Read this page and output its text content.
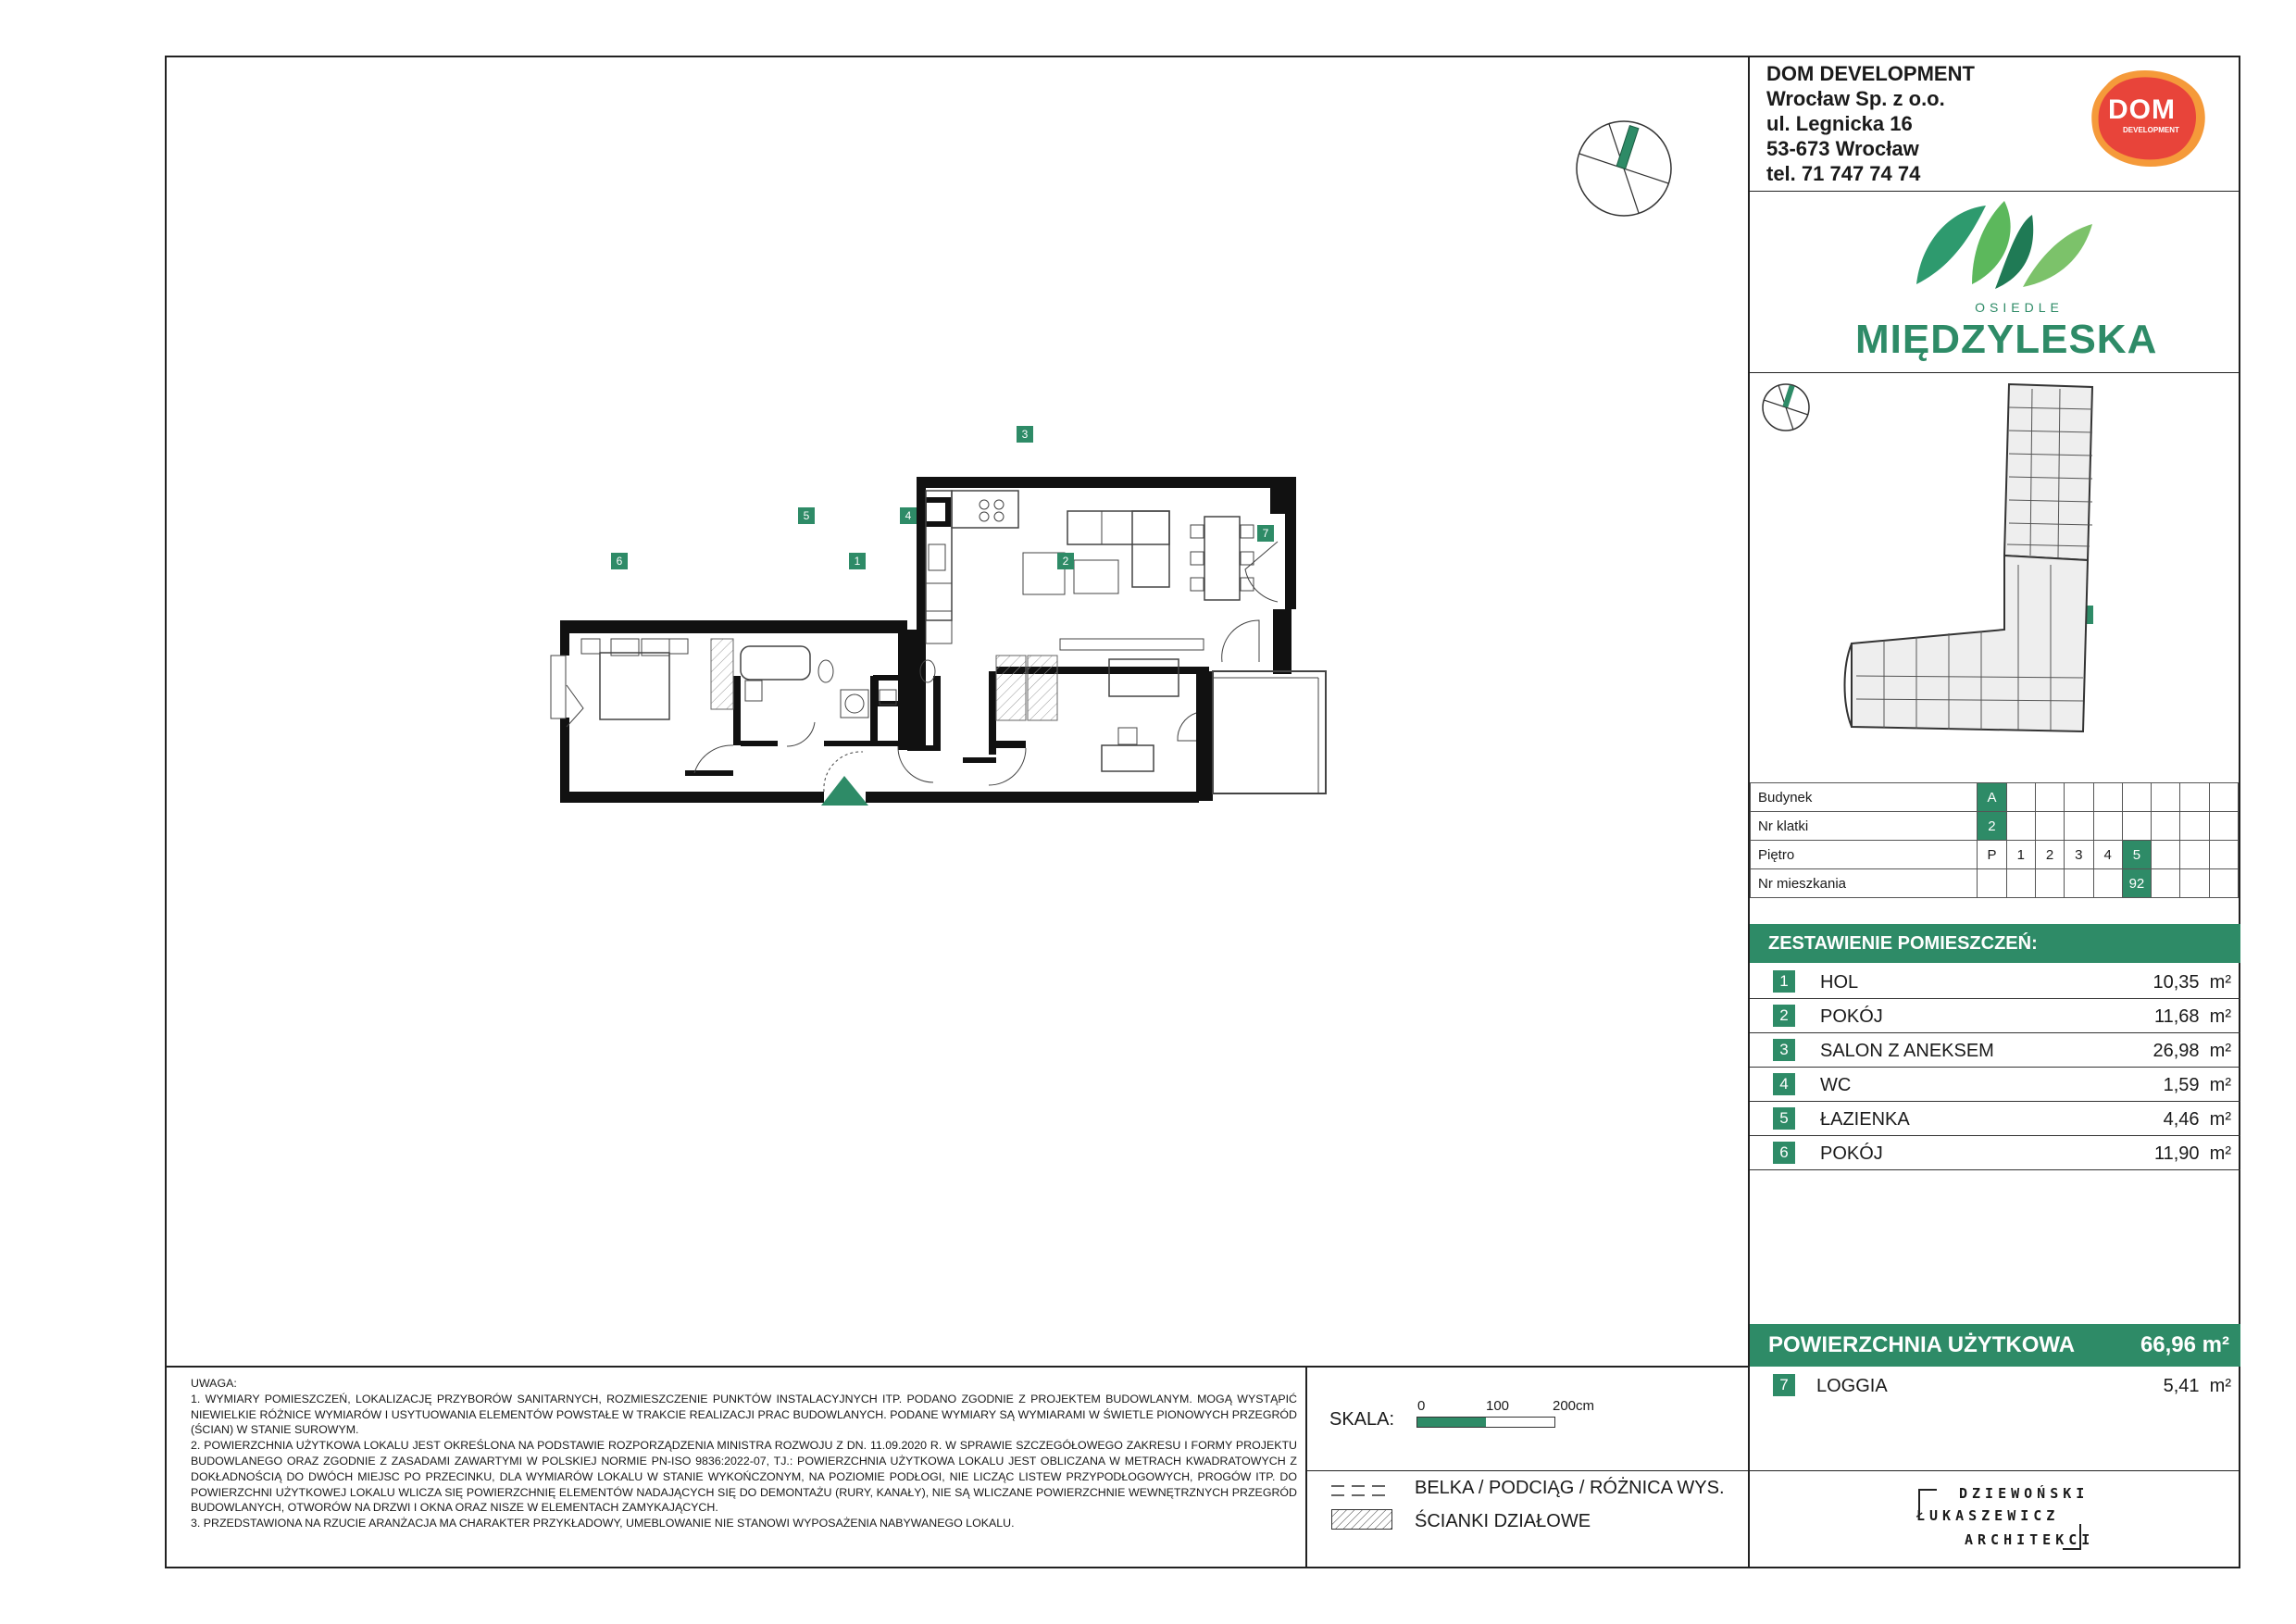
DOM DEVELOPMENT
Wrocław Sp. z o.o.
ul. Legnicka 16
53-673 Wrocław
tel. 71 747 74 74
DOM
DEVELOPMENT
OSIEDLE
MIĘDZYLESKA
Budynek	A								
Nr klatki	2								
Piętro	P	1	2	3	4	5			
Nr mieszkania						92			
ZESTAWIENIE POMIESZCZEŃ:
1	HOL	10,35 m²
2	POKÓJ	11,68 m²
3	SALON Z ANEKSEM	26,98 m²
4	WC	1,59 m²
5	ŁAZIENKA	4,46 m²
6	POKÓJ	11,90 m²
POWIERZCHNIA UŻYTKOWA	66,96 m²
7	LOGGIA	5,41 m²
DZIEWOŃSKI
ŁUKASZEWICZ
ARCHITEKCI
UWAGA:
1. WYMIARY POMIESZCZEŃ, LOKALIZACJĘ PRZYBORÓW SANITARNYCH, ROZMIESZCZENIE PUNKTÓW INSTALACYJNYCH ITP. PODANO ZGODNIE Z PROJEKTEM BUDOWLANYM. MOGĄ WYSTĄPIĆ NIEWIELKIE RÓŻNICE WYMIARÓW I USYTUOWANIA ELEMENTÓW POWSTAŁE W TRAKCIE REALIZACJI PRAC BUDOWLANYCH. PODANE WYMIARY SĄ WYMIARAMI W ŚWIETLE PIONOWYCH PRZEGRÓD (ŚCIAN) W STANIE SUROWYM.
2. POWIERZCHNIA UŻYTKOWA LOKALU JEST OKREŚLONA NA PODSTAWIE ROZPORZĄDZENIA MINISTRA ROZWOJU Z DN. 11.09.2020 R. W SPRAWIE SZCZEGÓŁOWEGO ZAKRESU I FORMY PROJEKTU BUDOWLANEGO ORAZ ZGODNIE Z ZASADAMI ZAWARTYMI W POLSKIEJ NORMIE PN-ISO 9836:2022-07, TJ.: POWIERZCHNIA UŻYTKOWA LOKALU JEST OBLICZANA W METRACH KWADRATOWYCH Z DOKŁADNOŚCIĄ DO DWÓCH MIEJSC PO PRZECINKU, DLA WYMIARÓW LOKALU W STANIE WYKOŃCZONYM, NA POZIOMIE PODŁOGI, NIE LICZĄC LISTEW PRZYPODŁOGOWYCH, PROGÓW ITP. DO POWIERZCHNI UŻYTKOWEJ LOKALU WLICZA SIĘ POWIERZCHNIĘ ELEMENTÓW NADAJĄCYCH SIĘ DO DEMONTAŻU (RURY, KANAŁY), NIE SĄ WLICZANE POWIERZCHNIE WEWNĘTRZNYCH PRZEGRÓD BUDOWLANYCH, OTWORÓW NA DRZWI I OKNA ORAZ NISZE W ELEMENTACH ZAMYKAJĄCYCH.
3. PRZEDSTAWIONA NA RZUCIE ARANŻACJA MA CHARAKTER PRZYKŁADOWY, UMEBLOWANIE NIE STANOWI WYPOSAŻENIA NABYWANEGO LOKALU.
SKALA:
0	100	200cm
BELKA / PODCIĄG / RÓŻNICA WYS.
ŚCIANKI DZIAŁOWE
1	2
3
4
5
6
7
